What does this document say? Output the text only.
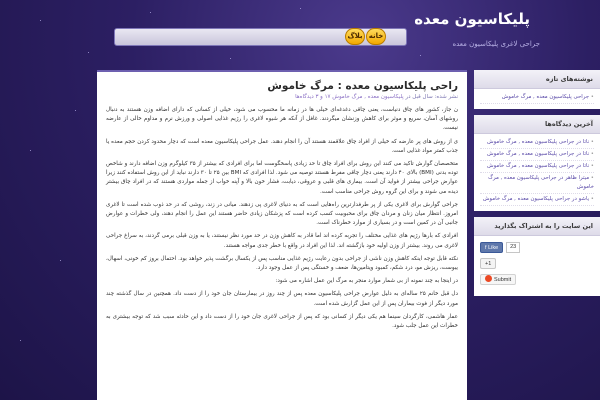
پلیکاسیون معده
جراحی لاغری پلیکاسیون معده
بلاگ خانه
راحی پلیکاسیون معده : مرگ خاموش
نشر شده: سال قبل در پلیکاسیون معده , مرگ خاموش ۱۷ و ۳ دیدگاه‌ها

ن جاز، کشور های چاق دنیاست، یعنی چاقی دغدغه‌ای خیلی ها در زمانه ما محسوب می شود، خیلی از کسانی که دارای اضافه وزن هستند به دنبال روشهای آسان، سریع و موثر برای کاهش وزنشان میگردند. غافل از آنکه هر شیوه لاغری را رژیم غذایی اصولی و ورزش نرم و مداوم خالی از عارضه نیست.

ی از روش های پر عارضه که خیلی از افراد چاق علاقمند هستند آن را انجام دهند. عمل جراحی پلیکاسیون معده است که دچار محدود کردن حجم معده یا جذب کمتر مواد غذایی است.

متخصصان گوارش تاکید می کنند این روش برای افراد چاق تا حد زیادی پاسخگوست اما برای افرادی که بیشتر از ۳۵ کیلوگرم وزن اضافه دارند و شاخص توده بدنی (BMI) بالای ۴۰ دارند یعنی دچار چاقی مفرط هستند توصیه می شود. لذا افرادی که BMI بین ۲۵ تا ۳۰ دارند نباید از این روش استفاده کنند زیرا عوارض جراحی بیشتر از فواید آن است. بیماری های قلبی و عروقی، دیابت، فشار خون بالا و آپنه خواب از جمله مواردی هستند که در افراد چاق بیشتر دیده می شوند و برای این گروه روش جراحی مناسب است.

جراحی گوارش برای لاغری یکی از پر طرفدارترین راه‌هایی است که به دنیای لاغری پی زدهند. میانی در زند، روشی که در حد ذوب شده است تا لاغری امروز. انتظار میان زنان و مردان چاق برای محبوبیت کسب کرده است که پزشکان زیادی حاضر هستند این عمل را انجام دهند، ولی خطرات و عوارض جانبی آن در کمین است و در بسیاری از موارد خطرناک است.

افرادی که بارها رژیم های غذایی مختلف را تجربه کرده اند اما قادر به کاهش وزن در حد مورد نظر نیستند، یا به وزن قبلی برمی گردند، به سراغ جراحی لاغری می روند. بیشتر از وزن اولیه خود بازگشته اند. لذا این افراد در واقع با خطر جدی مواجه هستند.

نکته قابل توجه اینکه کاهش وزن ناشی از جراحی بدون رعایت رژیم غذایی مناسب پس از یکسال برگشت پذیر خواهد بود. احتمال بروز کم خونی، اسهال، یبوست، ریزش مو، درد شکم، کمبود ویتامین‌ها، ضعف و خستگی پس از عمل وجود دارد.

در اینجا به چند نمونه از بی شمار موارد منجر به مرگ این عمل اشاره می شود:

دل قبل خانم ۲۵ ساله‌ای به دلیل عوارض جراحی پلیکاسیون معده پس از چند روز در بیمارستان جان خود را از دست داد. همچنین در سال گذشته چند مورد دیگر از فوت بیماران پس از این عمل گزارش شده است.

عمار هاشمی، کارگردان سینما هم یکی دیگر از کسانی بود که پس از جراحی لاغری جان خود را از دست داد و این حادثه سبب شد که توجه بیشتری به خطرات این عمل جلب شود.

نوشته‌های تازه
• جراحی پلیکاسیون معده , مرگ خاموش
آخرین دیدگاه‌ها
• ناتا در جراحی پلیکاسیون معده , مرگ خاموش
• ناتا در جراحی پلیکاسیون معده , مرگ خاموش
• ناتا در جراحی پلیکاسیون معده , مرگ خاموش
• میترا ظاهر در جراحی پلیکاسیون معده , مرگ خاموش
• یاشو در جراحی پلیکاسیون معده , مرگ خاموش
این سایت را به اشتراک بگذارید
f Like	23
+1
Submit
